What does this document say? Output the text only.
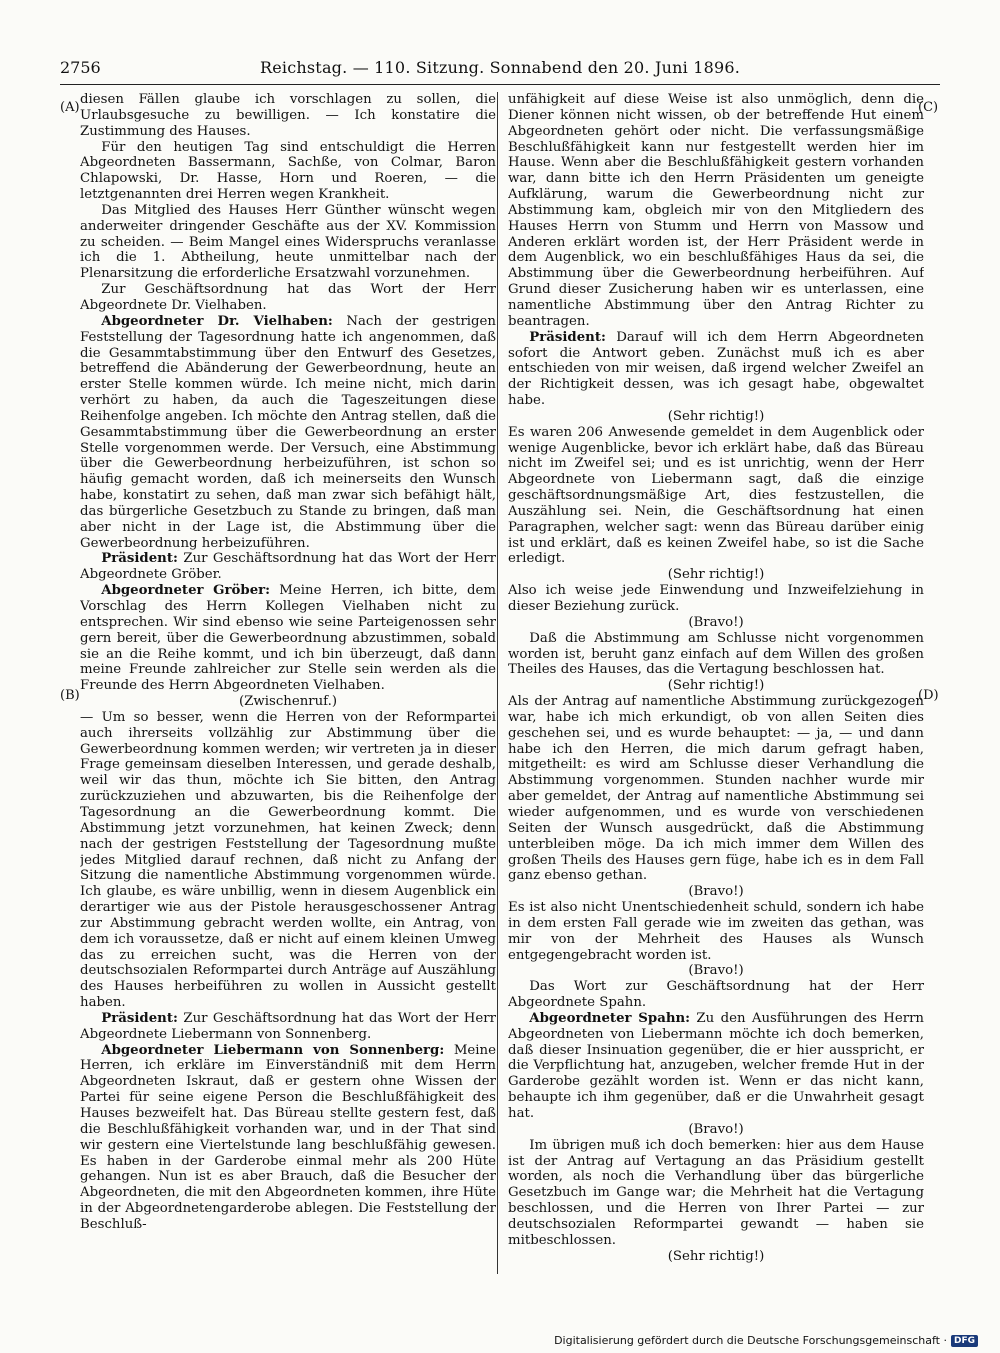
2756	Reichstag. — 110. Sitzung. Sonnabend den 20. Juni 1896.
(A)
(B)
(C)
(D)

diesen Fällen glaube ich vorschlagen zu sollen, die Urlaubsgesuche zu bewilligen. — Ich konstatire die Zustimmung des Hauses.

Für den heutigen Tag sind entschuldigt die Herren Abgeordneten Bassermann, Sachße, von Colmar, Baron Chlapowski, Dr. Hasse, Horn und Roeren, — die letztgenannten drei Herren wegen Krankheit.

Das Mitglied des Hauses Herr Günther wünscht wegen anderweiter dringender Geschäfte aus der XV. Kommission zu scheiden. — Beim Mangel eines Widerspruchs veranlasse ich die 1. Abtheilung, heute unmittelbar nach der Plenarsitzung die erforderliche Ersatzwahl vorzunehmen.

Zur Geschäftsordnung hat das Wort der Herr Abgeordnete Dr. Vielhaben.

Abgeordneter Dr. Vielhaben: Nach der gestrigen Feststellung der Tagesordnung hatte ich angenommen, daß die Gesammtabstimmung über den Entwurf des Gesetzes, betreffend die Abänderung der Gewerbeordnung, heute an erster Stelle kommen würde. Ich meine nicht, mich darin verhört zu haben, da auch die Tageszeitungen diese Reihenfolge angeben. Ich möchte den Antrag stellen, daß die Gesammtabstimmung über die Gewerbeordnung an erster Stelle vorgenommen werde. Der Versuch, eine Abstimmung über die Gewerbeordnung herbeizuführen, ist schon so häufig gemacht worden, daß ich meinerseits den Wunsch habe, konstatirt zu sehen, daß man zwar sich befähigt hält, das bürgerliche Gesetzbuch zu Stande zu bringen, daß man aber nicht in der Lage ist, die Abstimmung über die Gewerbeordnung herbeizuführen.

Präsident: Zur Geschäftsordnung hat das Wort der Herr Abgeordnete Gröber.

Abgeordneter Gröber: Meine Herren, ich bitte, dem Vorschlag des Herrn Kollegen Vielhaben nicht zu entsprechen. Wir sind ebenso wie seine Parteigenossen sehr gern bereit, über die Gewerbeordnung abzustimmen, sobald sie an die Reihe kommt, und ich bin überzeugt, daß dann meine Freunde zahlreicher zur Stelle sein werden als die Freunde des Herrn Abgeordneten Vielhaben.

(Zwischenruf.)

— Um so besser, wenn die Herren von der Reformpartei auch ihrerseits vollzählig zur Abstimmung über die Gewerbeordnung kommen werden; wir vertreten ja in dieser Frage gemeinsam dieselben Interessen, und gerade deshalb, weil wir das thun, möchte ich Sie bitten, den Antrag zurückzuziehen und abzuwarten, bis die Reihenfolge der Tagesordnung an die Gewerbeordnung kommt. Die Abstimmung jetzt vorzunehmen, hat keinen Zweck; denn nach der gestrigen Feststellung der Tagesordnung mußte jedes Mitglied darauf rechnen, daß nicht zu Anfang der Sitzung die namentliche Abstimmung vorgenommen würde. Ich glaube, es wäre unbillig, wenn in diesem Augenblick ein derartiger wie aus der Pistole herausgeschossener Antrag zur Abstimmung gebracht werden wollte, ein Antrag, von dem ich voraussetze, daß er nicht auf einem kleinen Umweg das zu erreichen sucht, was die Herren von der deutschsozialen Reformpartei durch Anträge auf Auszählung des Hauses herbeiführen zu wollen in Aussicht gestellt haben.

Präsident: Zur Geschäftsordnung hat das Wort der Herr Abgeordnete Liebermann von Sonnenberg.

Abgeordneter Liebermann von Sonnenberg: Meine Herren, ich erkläre im Einverständniß mit dem Herrn Abgeordneten Iskraut, daß er gestern ohne Wissen der Partei für seine eigene Person die Beschlußfähigkeit des Hauses bezweifelt hat. Das Büreau stellte gestern fest, daß die Beschlußfähigkeit vorhanden war, und in der That sind wir gestern eine Viertelstunde lang beschlußfähig gewesen. Es haben in der Garderobe einmal mehr als 200 Hüte gehangen. Nun ist es aber Brauch, daß die Besucher der Abgeordneten, die mit den Abgeordneten kommen, ihre Hüte in der Abgeordnetengarderobe ablegen. Die Feststellung der Beschluß-

unfähigkeit auf diese Weise ist also unmöglich, denn die Diener können nicht wissen, ob der betreffende Hut einem Abgeordneten gehört oder nicht. Die verfassungsmäßige Beschlußfähigkeit kann nur festgestellt werden hier im Hause. Wenn aber die Beschlußfähigkeit gestern vorhanden war, dann bitte ich den Herrn Präsidenten um geneigte Aufklärung, warum die Gewerbeordnung nicht zur Abstimmung kam, obgleich mir von den Mitgliedern des Hauses Herrn von Stumm und Herrn von Massow und Anderen erklärt worden ist, der Herr Präsident werde in dem Augenblick, wo ein beschlußfähiges Haus da sei, die Abstimmung über die Gewerbeordnung herbeiführen. Auf Grund dieser Zusicherung haben wir es unterlassen, eine namentliche Abstimmung über den Antrag Richter zu beantragen.

Präsident: Darauf will ich dem Herrn Abgeordneten sofort die Antwort geben. Zunächst muß ich es aber entschieden von mir weisen, daß irgend welcher Zweifel an der Richtigkeit dessen, was ich gesagt habe, obgewaltet habe.

(Sehr richtig!)

Es waren 206 Anwesende gemeldet in dem Augenblick oder wenige Augenblicke, bevor ich erklärt habe, daß das Büreau nicht im Zweifel sei; und es ist unrichtig, wenn der Herr Abgeordnete von Liebermann sagt, daß die einzige geschäftsordnungsmäßige Art, dies festzustellen, die Auszählung sei. Nein, die Geschäftsordnung hat einen Paragraphen, welcher sagt: wenn das Büreau darüber einig ist und erklärt, daß es keinen Zweifel habe, so ist die Sache erledigt.

(Sehr richtig!)

Also ich weise jede Einwendung und Inzweifelziehung in dieser Beziehung zurück.

(Bravo!)

Daß die Abstimmung am Schlusse nicht vorgenommen worden ist, beruht ganz einfach auf dem Willen des großen Theiles des Hauses, das die Vertagung beschlossen hat.

(Sehr richtig!)

Als der Antrag auf namentliche Abstimmung zurückgezogen war, habe ich mich erkundigt, ob von allen Seiten dies geschehen sei, und es wurde behauptet: — ja, — und dann habe ich den Herren, die mich darum gefragt haben, mitgetheilt: es wird am Schlusse dieser Verhandlung die Abstimmung vorgenommen. Stunden nachher wurde mir aber gemeldet, der Antrag auf namentliche Abstimmung sei wieder aufgenommen, und es wurde von verschiedenen Seiten der Wunsch ausgedrückt, daß die Abstimmung unterbleiben möge. Da ich mich immer dem Willen des großen Theils des Hauses gern füge, habe ich es in dem Fall ganz ebenso gethan.

(Bravo!)

Es ist also nicht Unentschiedenheit schuld, sondern ich habe in dem ersten Fall gerade wie im zweiten das gethan, was mir von der Mehrheit des Hauses als Wunsch entgegengebracht worden ist.

(Bravo!)

Das Wort zur Geschäftsordnung hat der Herr Abgeordnete Spahn.

Abgeordneter Spahn: Zu den Ausführungen des Herrn Abgeordneten von Liebermann möchte ich doch bemerken, daß dieser Insinuation gegenüber, die er hier ausspricht, er die Verpflichtung hat, anzugeben, welcher fremde Hut in der Garderobe gezählt worden ist. Wenn er das nicht kann, behaupte ich ihm gegenüber, daß er die Unwahrheit gesagt hat.

(Bravo!)

Im übrigen muß ich doch bemerken: hier aus dem Hause ist der Antrag auf Vertagung an das Präsidium gestellt worden, als noch die Verhandlung über das bürgerliche Gesetzbuch im Gange war; die Mehrheit hat die Vertagung beschlossen, und die Herren von Ihrer Partei — zur deutschsozialen Reformpartei gewandt — haben sie mitbeschlossen.

(Sehr richtig!)

Digitalisierung gefördert durch die Deutsche Forschungsgemeinschaft · DFG
